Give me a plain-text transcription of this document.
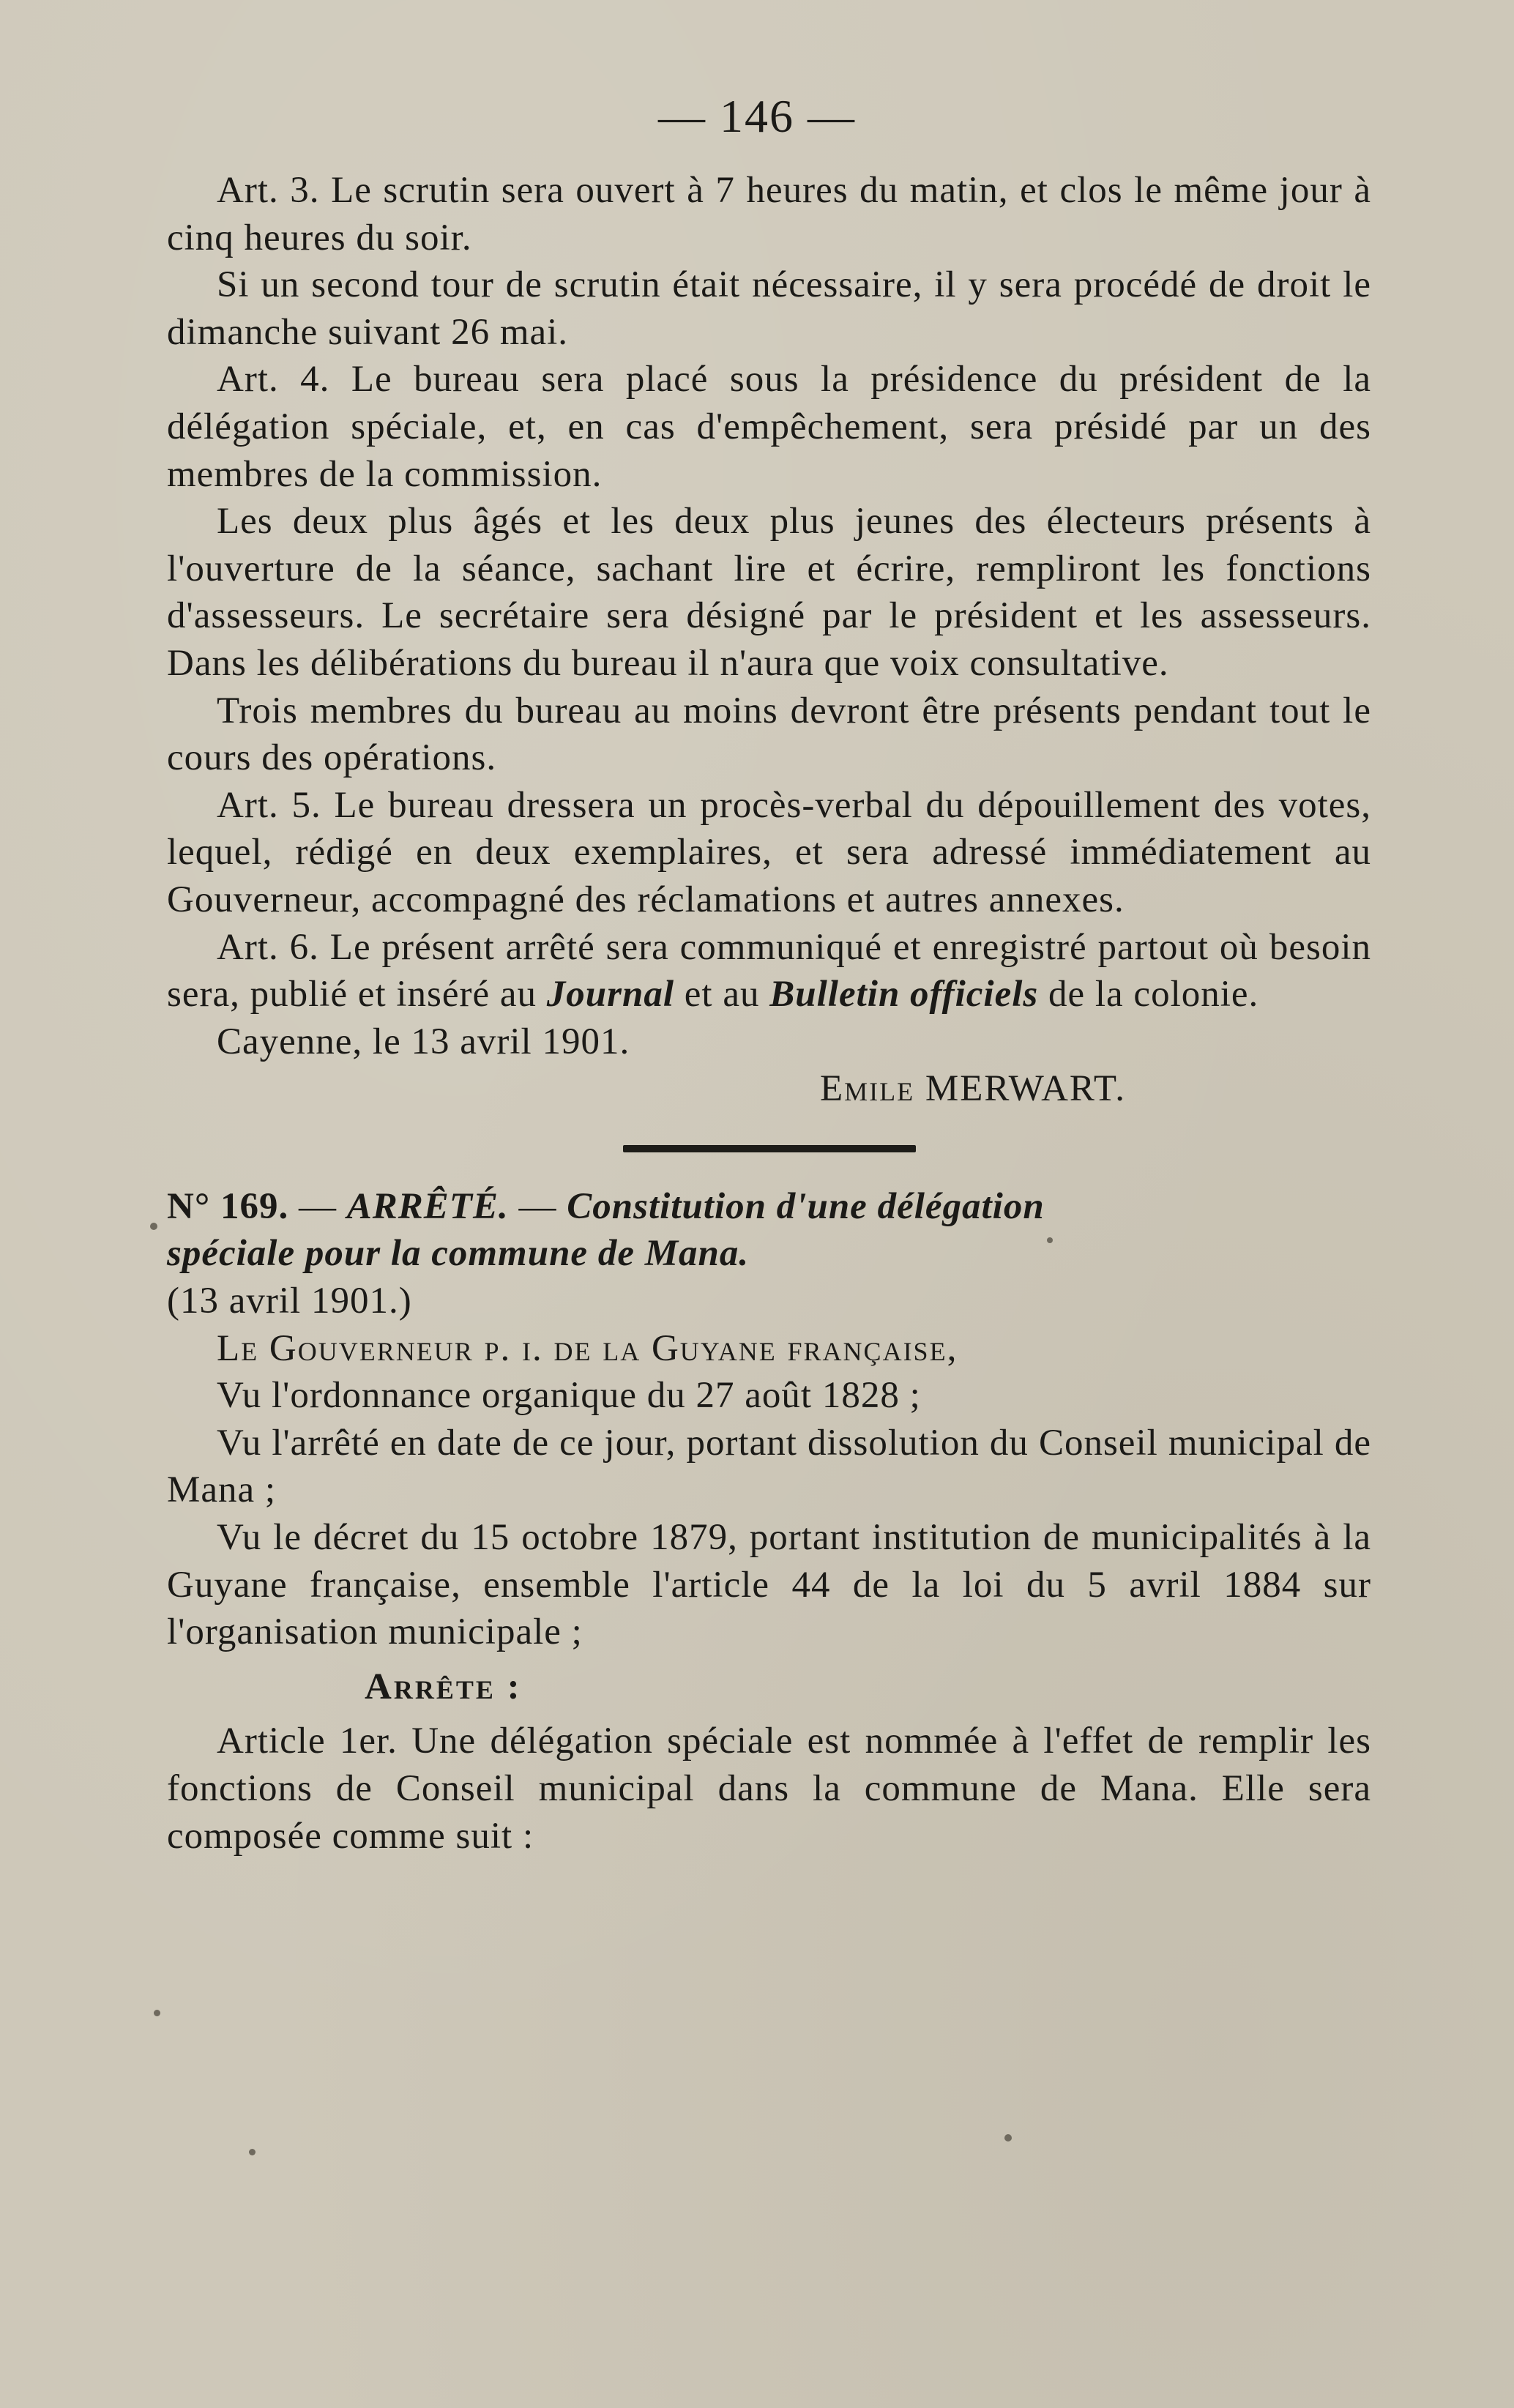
— 146 —

Art. 3. Le scrutin sera ouvert à 7 heures du matin, et clos le même jour à cinq heures du soir.

Si un second tour de scrutin était nécessaire, il y sera procédé de droit le dimanche suivant 26 mai.

Art. 4. Le bureau sera placé sous la présidence du président de la délégation spéciale, et, en cas d'empêchement, sera présidé par un des membres de la commission.

Les deux plus âgés et les deux plus jeunes des électeurs présents à l'ouverture de la séance, sachant lire et écrire, rempliront les fonctions d'assesseurs. Le secrétaire sera désigné par le président et les assesseurs. Dans les délibérations du bureau il n'aura que voix consultative.

Trois membres du bureau au moins devront être présents pendant tout le cours des opérations.

Art. 5. Le bureau dressera un procès-verbal du dépouillement des votes, lequel, rédigé en deux exemplaires, et sera adressé immédiatement au Gouverneur, accompagné des réclamations et autres annexes.

Art. 6. Le présent arrêté sera communiqué et enregistré partout où besoin sera, publié et inséré au Journal et au Bulletin officiels de la colonie.

Cayenne, le 13 avril 1901.

Emile MERWART.

N° 169. — ARRÊTÉ. — Constitution d'une délégation

spéciale pour la commune de Mana.

(13 avril 1901.)

Le Gouverneur p. i. de la Guyane française,

Vu l'ordonnance organique du 27 août 1828 ;

Vu l'arrêté en date de ce jour, portant dissolution du Conseil municipal de Mana ;

Vu le décret du 15 octobre 1879, portant institution de municipalités à la Guyane française, ensemble l'article 44 de la loi du 5 avril 1884 sur l'organisation municipale ;

Arrête :

Article 1er. Une délégation spéciale est nommée à l'effet de remplir les fonctions de Conseil municipal dans la commune de Mana. Elle sera composée comme suit :
